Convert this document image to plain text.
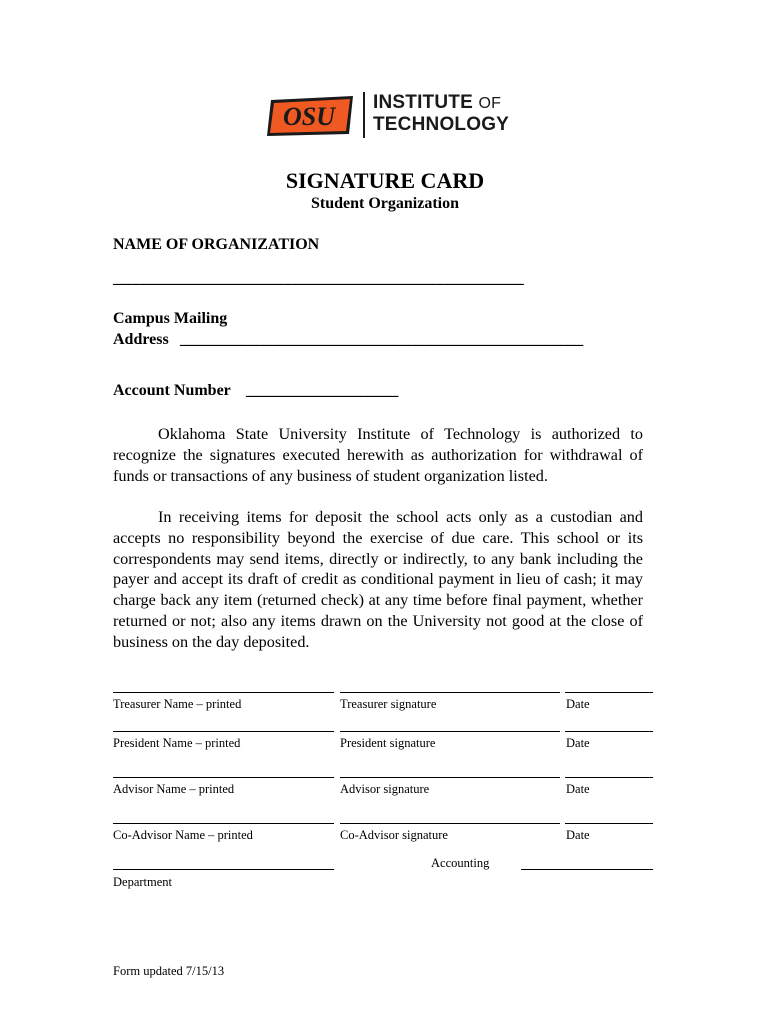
OSU INSTITUTE OF
TECHNOLOGY
SIGNATURE CARD
Student Organization
NAME OF ORGANIZATION
______________________________________________________
Campus Mailing
Address _____________________________________________________
Account Number ____________________
Oklahoma State University Institute of Technology is authorized to recognize the signatures executed herewith as authorization for withdrawal of funds or transactions of any business of student organization listed.
In receiving items for deposit the school acts only as a custodian and accepts no responsibility beyond the exercise of due care. This school or its correspondents may send items, directly or indirectly, to any bank including the payer and accept its draft of credit as conditional payment in lieu of cash; it may charge back any item (returned check) at any time before final payment, whether returned or not; also any items drawn on the University not good at the close of business on the day deposited.
Treasurer Name – printed	Treasurer signature	Date
President Name – printed	President signature	Date
Advisor Name – printed	Advisor signature	Date
Co-Advisor Name – printed	Co-Advisor signature	Date
Accounting
Department
Form updated 7/15/13
